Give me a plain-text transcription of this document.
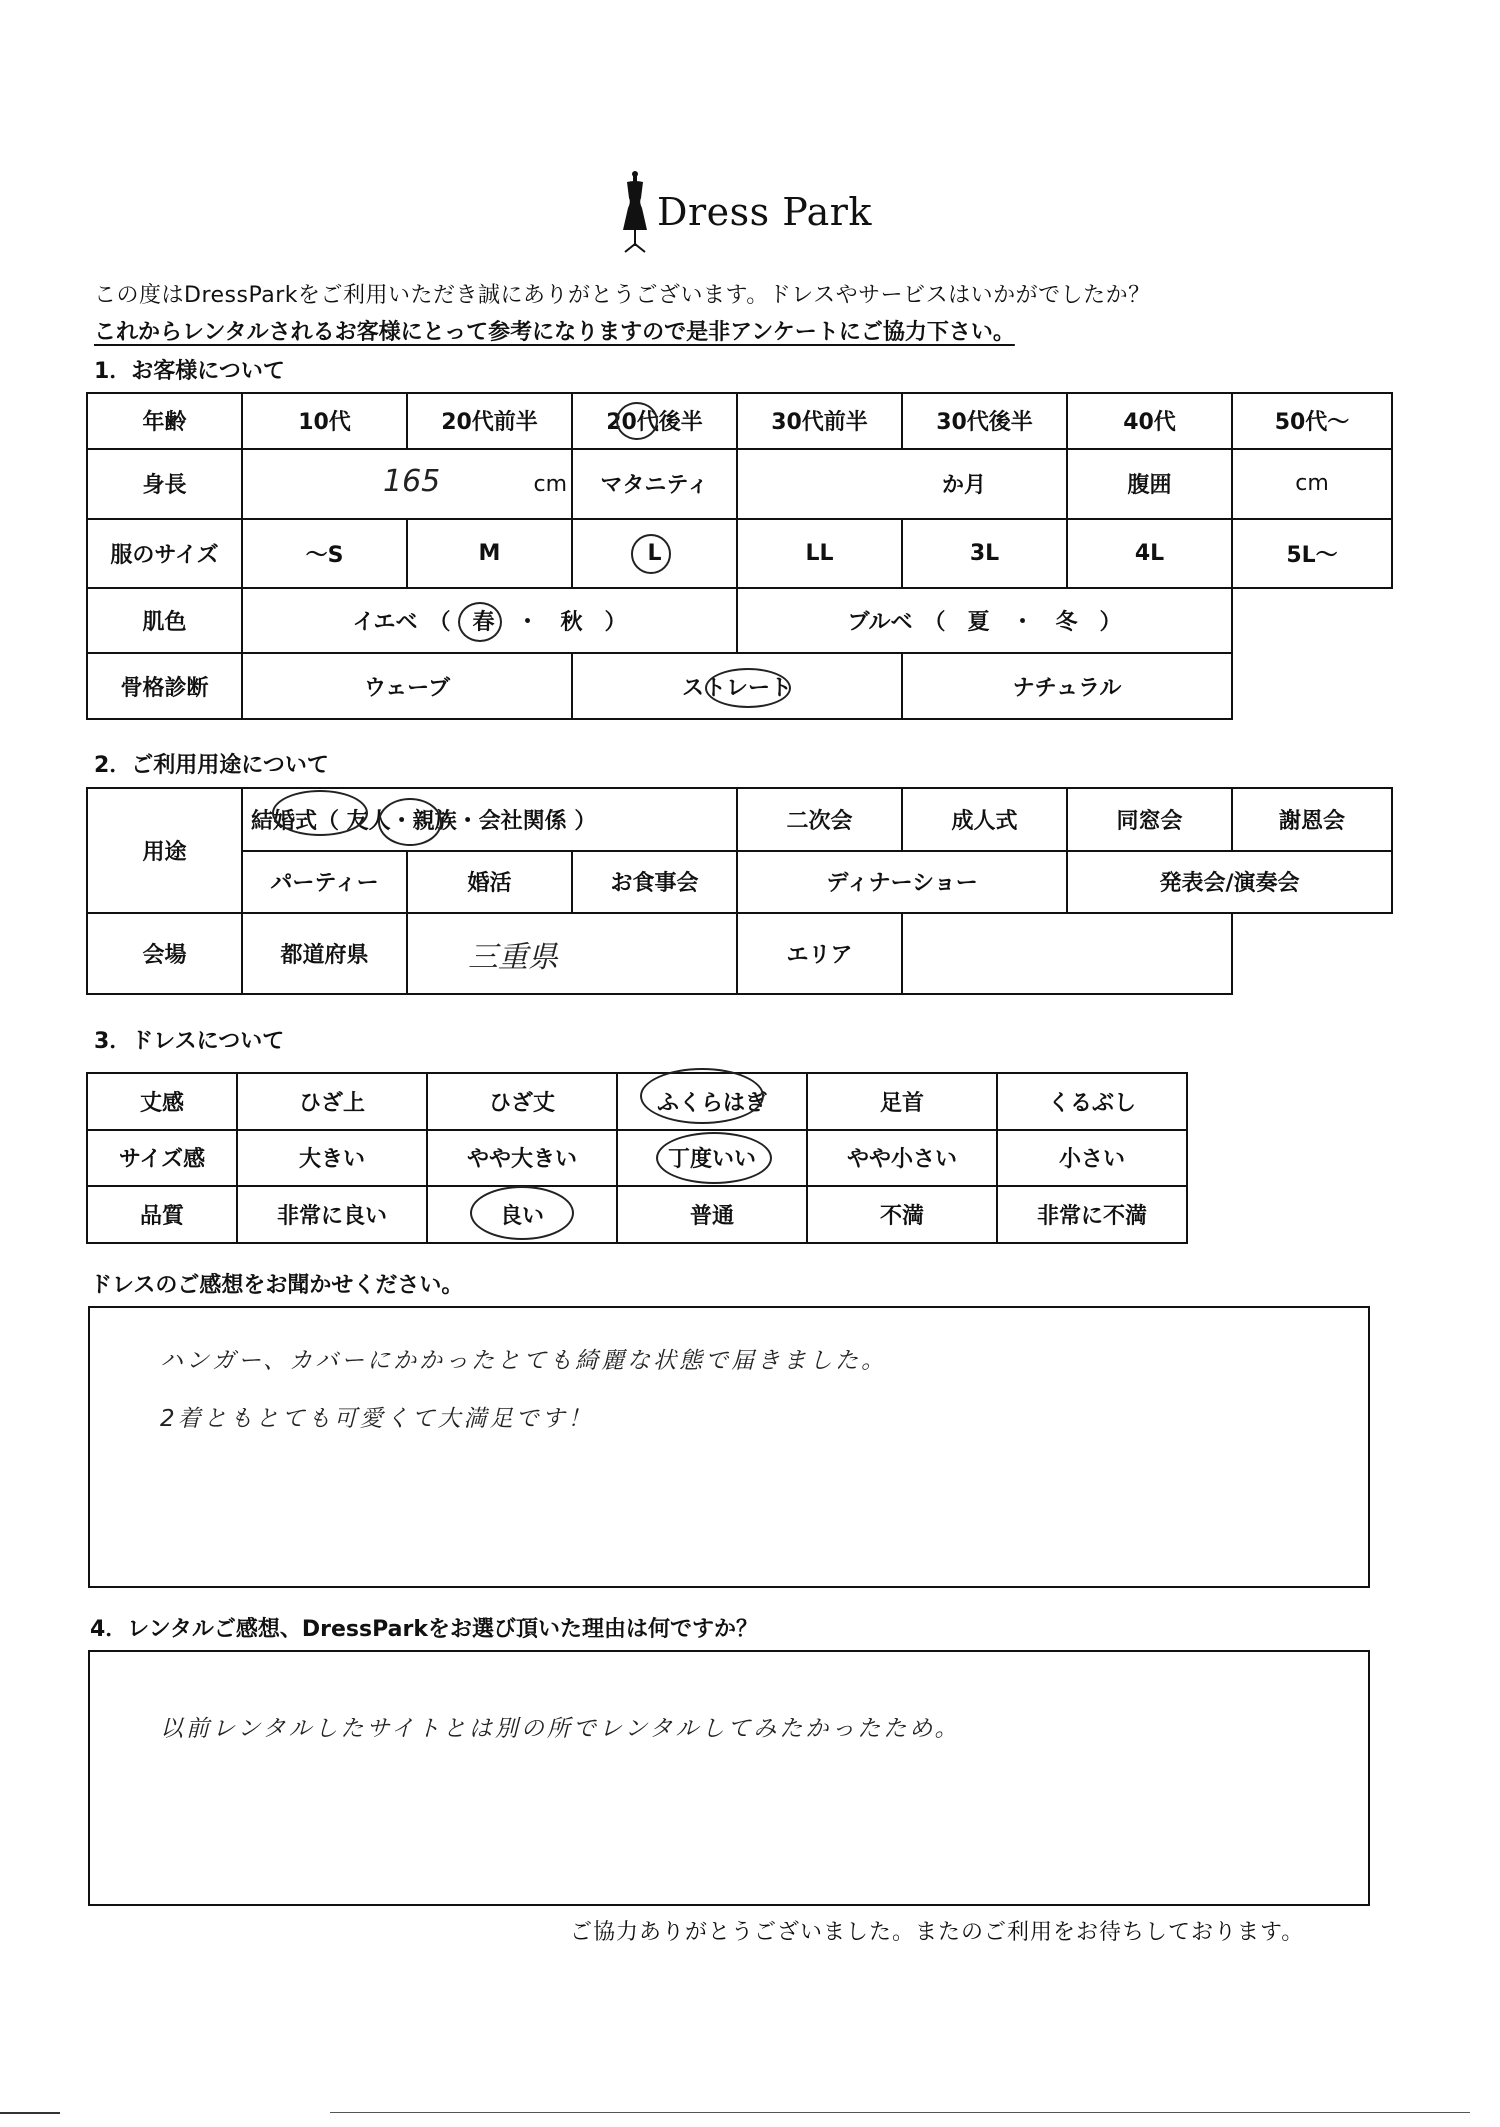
Dress Park
この度はDressParkをご利用いただき誠にありがとうございます。ドレスやサービスはいかがでしたか？
これからレンタルされるお客様にとって参考になりますので是非アンケートにご協力下さい。
1．お客様について
年齢	10代	20代前半	20代後半	30代前半	30代後半	40代	50代～
身長	165 cm		マタニティ	か月		腹囲	cm
服のサイズ	～S	M	L	LL	3L	4L	5L～
肌色	イエベ　（　春　・　秋　）			ブルベ　（　夏　・　冬　）			
骨格診断	ウェーブ		ストレート		ナチュラル		
2．ご利用用途について
用途	結婚式（ 友人・親族・会社関係 ）			二次会	成人式	同窓会	謝恩会
	パーティー	婚活	お食事会	ディナーショー		発表会/演奏会	
会場	都道府県	三重県		エリア			
3．ドレスについて
丈感	ひざ上	ひざ丈	ふくらはぎ	足首	くるぶし
サイズ感	大きい	やや大きい	丁度いい	やや小さい	小さい
品質	非常に良い	良い	普通	不満	非常に不満
ドレスのご感想をお聞かせください。
ハンガー、カバーにかかったとても綺麗な状態で届きました。
2着ともとても可愛くて大満足です！
4．レンタルご感想、DressParkをお選び頂いた理由は何ですか？
以前レンタルしたサイトとは別の所でレンタルしてみたかったため。
ご協力ありがとうございました。またのご利用をお待ちしております。
